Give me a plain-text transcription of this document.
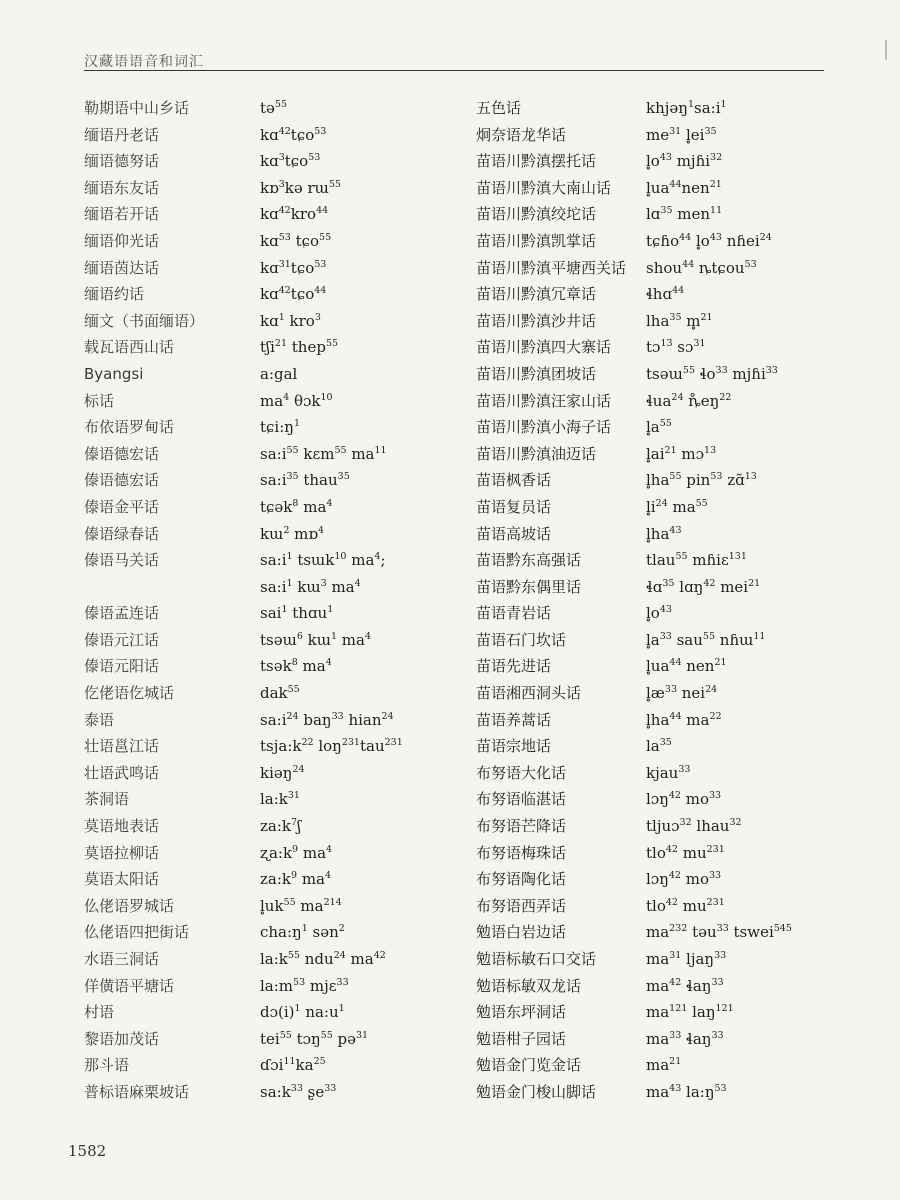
汉藏语语音和词汇
勒期语中山乡话	tə$^{55}$
缅语丹老话	kɑ$^{42}$tɕo$^{53}$
缅语德努话	kɑ$^3$tɕo$^{53}$
缅语东友话	kɒ$^3$kə rɯ$^{55}$
缅语若开话	kɑ$^{42}$kro$^{44}$
缅语仰光话	kɑ$^{53}$ tɕo$^{55}$
缅语茵达话	kɑ$^{31}$tɕo$^{53}$
缅语约话	kɑ$^{42}$tɕo$^{44}$
缅文（书面缅语）	kɑ$^1$ kro$^3$
载瓦语西山话	tʃi$^{21}$ thep$^{55}$
Byangsi	a:gal
标话	$ma^4$ θɔk$^{10}$
布依语罗甸话	$tɕi:ŋ^1$
傣语德宏话	$sa:i^{55}$ kɛm$^{55}$ $ma^{11}$
傣语德宏话	$sa:i^{35}$ thau$^{35}$
傣语金平话	tɕək$^8$ $ma^4$
傣语绿春话	kɯ$^2$ mɒ$^4$
傣语马关话	$sa:i^1$ tsɯk$^{10}$ $ma^4$;
$sa:i^1$ kɯ$^3$ $ma^4$
傣语孟连话	sai$^1$ thɑu$^1$
傣语元江话	tsəɯ$^6$ kɯ$^1$ $ma^4$
傣语元阳话	tsək$^8$ $ma^4$
仡佬语仡城话	dak$^{55}$
泰语	$sa:i^{24}$ baŋ$^{33}$ hian$^{24}$
壮语邕江话	$tsja:k^{22}$ loŋ$^{231}$tau$^{231}$
壮语武鸣话	kiəŋ$^{24}$
茶洞语	$la:k^{31}$
莫语地表话	$za:k^7ʃ$
莫语拉柳话	$ʐa:k^9$ $ma^4$
莫语太阳话	$za:k^9$ $ma^4$
仫佬语罗城话	$l̥uk^{55}$ $ma^{214}$
仫佬语四把街话	$cha:ŋ^1$ sən$^2$
水语三洞话	$la:k^{55}$ ndu$^{24}$ $ma^{42}$
佯僙语平塘话	$la:m^{53}$ mjɛ$^{33}$
村语	$dɔ(i)^1$ $na:u^1$
黎语加茂话	tei$^{55}$ tɔŋ$^{55}$ pə$^{31}$
那斗语	$ɗɔi^{11}ka^{25}$
普标语麻栗坡话	$sa:k^{33}$ ʂe$^{33}$
五色话	$khjəŋ^1sa:i^1$
炯奈语龙华话	$me^{31}$ $l̥ei^{35}$
苗语川黔滇摆托话	$l̥o^{43}$ mjɦi$^{32}$
苗语川黔滇大南山话	$l̥ua^{44}nen^{21}$
苗语川黔滇绞坨话	lɑ$^{35}$ men$^{11}$
苗语川黔滇凯掌话	tɕɦo$^{44}$ $l̥o^{43}$ nɦei$^{24}$
苗语川黔滇平塘西关话	shou$^{44}$ ȵtɕou$^{53}$
苗语川黔滇冗章话	ɬhɑ$^{44}$
苗语川黔滇沙井话	lha$^{35}$ m̥$^{21}$
苗语川黔滇四大寨话	tɔ$^{13}$ sɔ$^{31}$
苗语川黔滇团坡话	tsəɯ$^{55}$ ɬo$^{33}$ mjɦi$^{33}$
苗语川黔滇汪家山话	ɬua$^{24}$ $ȵ̊eŋ^{22}$
苗语川黔滇小海子话	$l̥a^{55}$
苗语川黔滇油迈话	$l̥ai^{21}$ mɔ$^{13}$
苗语枫香话	$l̥ha^{55}$ pin$^{53}$ zɑ̃$^{13}$
苗语复员话	$l̥i^{24}$ $ma^{55}$
苗语高坡话	$l̥ha^{43}$
苗语黔东高强话	tlau$^{55}$ mɦiɛ$^{131}$
苗语黔东偶里话	ɬɑ$^{35}$ lɑŋ$^{42}$ mei$^{21}$
苗语青岩话	$l̥o^{43}$
苗语石门坎话	$l̥a^{33}$ sau$^{55}$ nɦɯ$^{11}$
苗语先进话	$l̥ua^{44}$ nen$^{21}$
苗语湘西洞头话	$l̥æ^{33}$ nei$^{24}$
苗语养蒿话	$l̥ha^{44}$ $ma^{22}$
苗语宗地话	$la^{35}$
布努语大化话	kjau$^{33}$
布努语临湛话	lɔŋ$^{42}$ $mo^{33}$
布努语芒降话	tljuɔ$^{32}$ lhau$^{32}$
布努语梅珠话	tlo$^{42}$ $mu^{231}$
布努语陶化话	lɔŋ$^{42}$ $mo^{33}$
布努语西弄话	tlo$^{42}$ $mu^{231}$
勉语白岩边话	$ma^{232}$ təu$^{33}$ tswei$^{545}$
勉语标敏石口交话	$ma^{31}$ ljaŋ$^{33}$
勉语标敏双龙话	$ma^{42}$ ɬaŋ$^{33}$
勉语东坪洞话	$ma^{121}$ laŋ$^{121}$
勉语柑子园话	$ma^{33}$ ɬaŋ$^{33}$
勉语金门览金话	$ma^{21}$
勉语金门梭山脚话	$ma^{43}$ $la:ŋ^{53}$
1582
